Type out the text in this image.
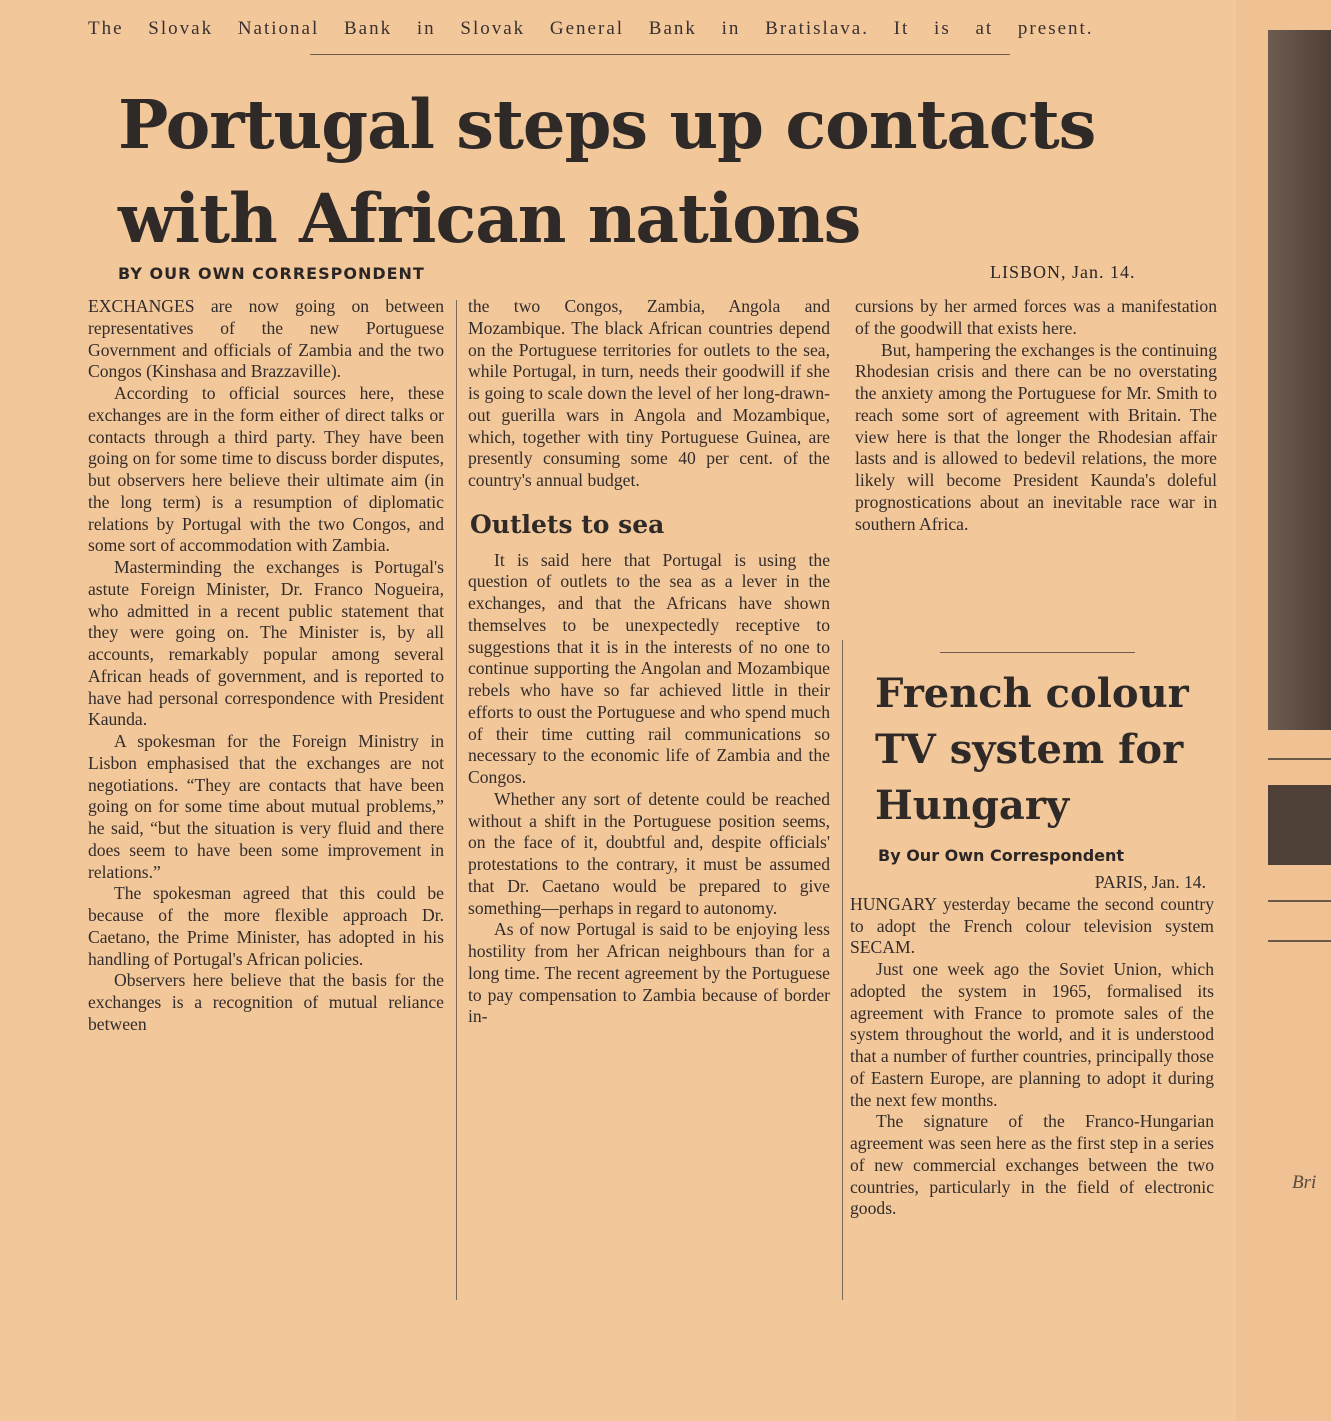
The Slovak National Bank in Slovak General Bank in Bratislava. It is at present.
Portugal steps up contacts with African nations
BY OUR OWN CORRESPONDENT	LISBON, Jan. 14.

EXCHANGES are now going on between representatives of the new Portuguese Government and officials of Zambia and the two Congos (Kinshasa and Brazzaville).

According to official sources here, these exchanges are in the form either of direct talks or contacts through a third party. They have been going on for some time to discuss border disputes, but observers here believe their ultimate aim (in the long term) is a resumption of diplomatic relations by Portugal with the two Congos, and some sort of accommodation with Zambia.

Masterminding the exchanges is Portugal's astute Foreign Minister, Dr. Franco Nogueira, who admitted in a recent public statement that they were going on. The Minister is, by all accounts, remarkably popular among several African heads of government, and is reported to have had personal correspondence with President Kaunda.

A spokesman for the Foreign Ministry in Lisbon emphasised that the exchanges are not negotiations. “They are contacts that have been going on for some time about mutual problems,” he said, “but the situation is very fluid and there does seem to have been some improvement in relations.”

The spokesman agreed that this could be because of the more flexible approach Dr. Caetano, the Prime Minister, has adopted in his handling of Portugal's African policies.

Observers here believe that the basis for the exchanges is a recognition of mutual reliance between

the two Congos, Zambia, Angola and Mozambique. The black African countries depend on the Portuguese territories for outlets to the sea, while Portugal, in turn, needs their goodwill if she is going to scale down the level of her long-drawn-out guerilla wars in Angola and Mozambique, which, together with tiny Portuguese Guinea, are presently consuming some 40 per cent. of the country's annual budget.

Outlets to sea

It is said here that Portugal is using the question of outlets to the sea as a lever in the exchanges, and that the Africans have shown themselves to be unexpectedly receptive to suggestions that it is in the interests of no one to continue supporting the Angolan and Mozambique rebels who have so far achieved little in their efforts to oust the Portuguese and who spend much of their time cutting rail communications so necessary to the economic life of Zambia and the Congos.

Whether any sort of detente could be reached without a shift in the Portuguese position seems, on the face of it, doubtful and, despite officials' protestations to the contrary, it must be assumed that Dr. Caetano would be prepared to give something—perhaps in regard to autonomy.

As of now Portugal is said to be enjoying less hostility from her African neighbours than for a long time. The recent agreement by the Portuguese to pay compensation to Zambia because of border in-

cursions by her armed forces was a manifestation of the goodwill that exists here.

But, hampering the exchanges is the continuing Rhodesian crisis and there can be no overstating the anxiety among the Portuguese for Mr. Smith to reach some sort of agreement with Britain. The view here is that the longer the Rhodesian affair lasts and is allowed to bedevil relations, the more likely will become President Kaunda's doleful prognostications about an inevitable race war in southern Africa.

French colour TV system for Hungary
By Our Own Correspondent

PARIS, Jan. 14.

HUNGARY yesterday became the second country to adopt the French colour television system SECAM.

Just one week ago the Soviet Union, which adopted the system in 1965, formalised its agreement with France to promote sales of the system throughout the world, and it is understood that a number of further countries, principally those of Eastern Europe, are planning to adopt it during the next few months.

The signature of the Franco-Hungarian agreement was seen here as the first step in a series of new commercial exchanges between the two countries, particularly in the field of electronic goods.

Bri
